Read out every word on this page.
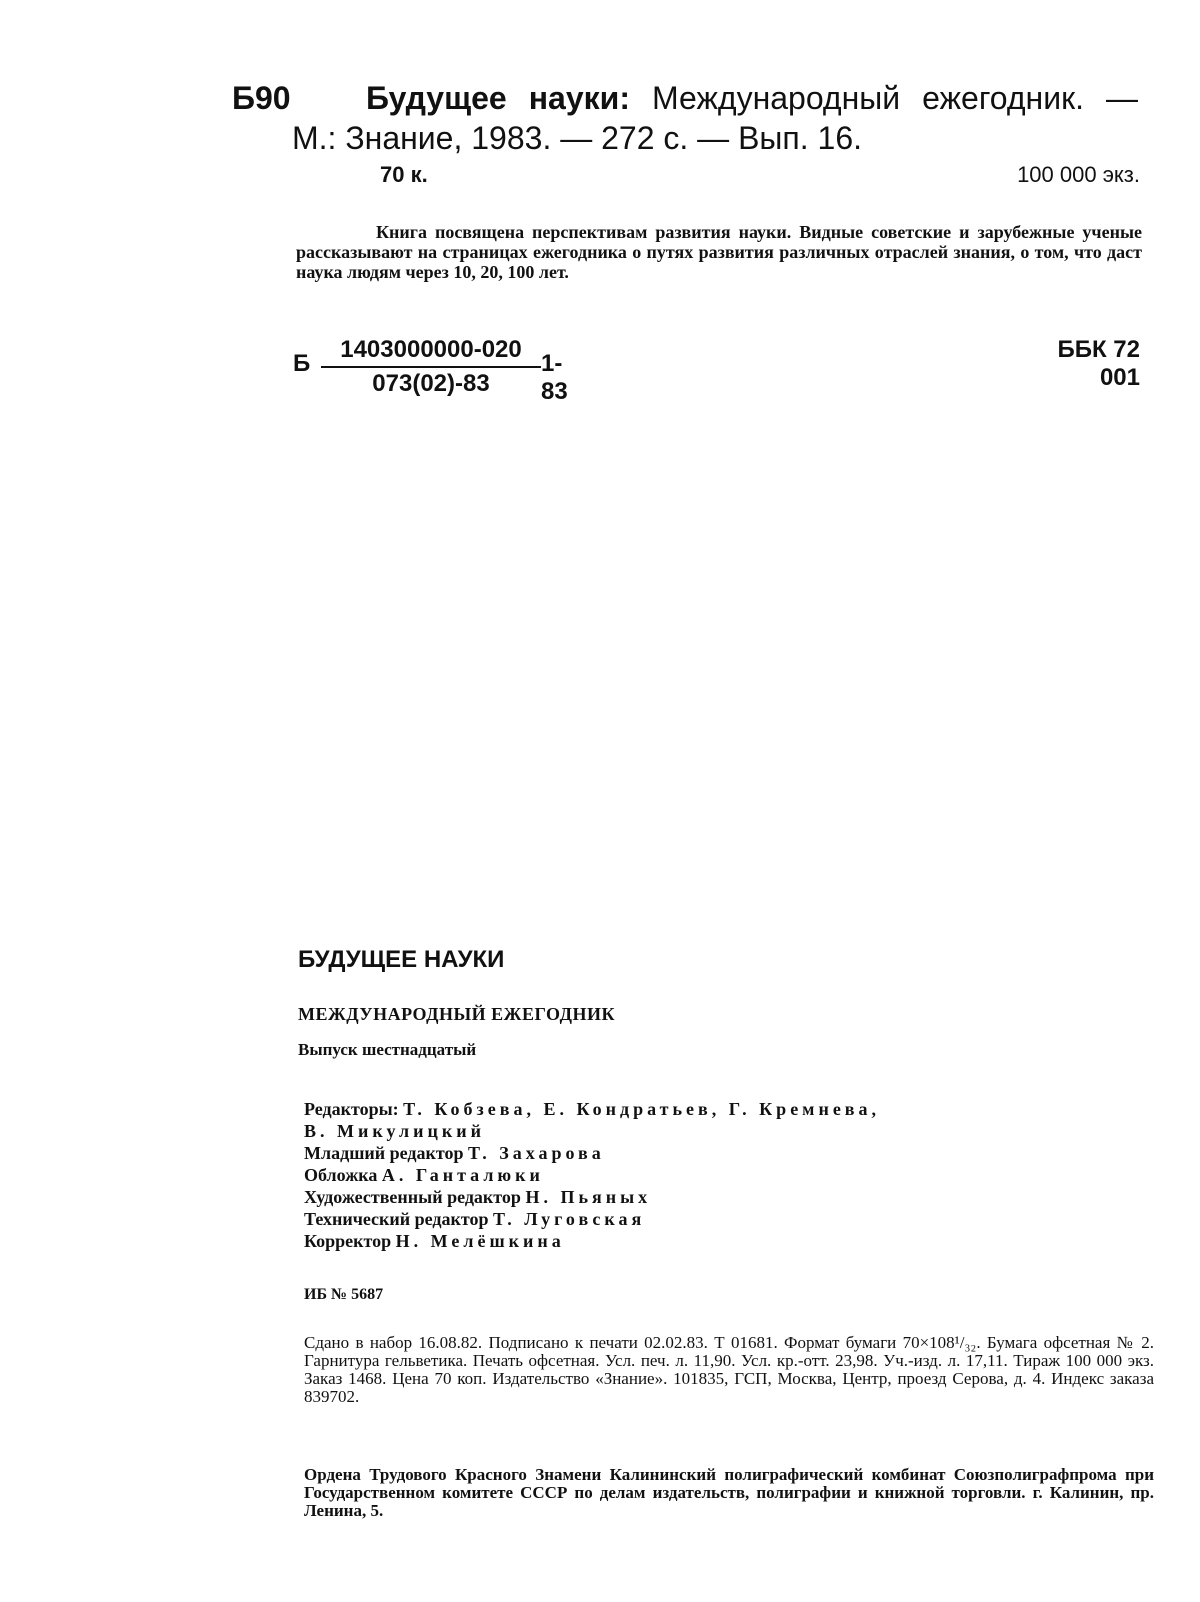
Б90	Будущее науки: Международный ежегодник. — М.: Знание, 1983. — 272 с. — Вып. 16.
70 к.	100 000 экз.
Книга посвящена перспективам развития науки. Видные советские и зарубежные ученые рассказывают на страницах ежегодника о путях развития различных отраслей знания, о том, что даст наука людям через 10, 20, 100 лет.
Б
1403000000-020
073(02)-83
1-83
ББК 72
001
БУДУЩЕЕ НАУКИ
МЕЖДУНАРОДНЫЙ ЕЖЕГОДНИК
Выпуск шестнадцатый
Редакторы: Т. Кобзева, Е. Кондратьев, Г. Кремнева,
В. Микулицкий
Младший редактор Т. Захарова
Обложка А. Ганталюки
Художественный редактор Н. Пьяных
Технический редактор Т. Луговская
Корректор Н. Мелёшкина
ИБ № 5687
Сдано в набор 16.08.82. Подписано к печати 02.02.83. Т 01681. Формат бумаги 70×108¹/₃₂. Бумага офсетная № 2. Гарнитура гельветика. Печать офсетная. Усл. печ. л. 11,90. Усл. кр.-отт. 23,98. Уч.-изд. л. 17,11. Тираж 100 000 экз. Заказ 1468. Цена 70 коп. Издательство «Знание». 101835, ГСП, Москва, Центр, проезд Серова, д. 4. Индекс заказа 839702.
Ордена Трудового Красного Знамени Калининский полиграфический комбинат Союзполиграфпрома при Государственном комитете СССР по делам издательств, полиграфии и книжной торговли. г. Калинин, пр. Ленина, 5.
